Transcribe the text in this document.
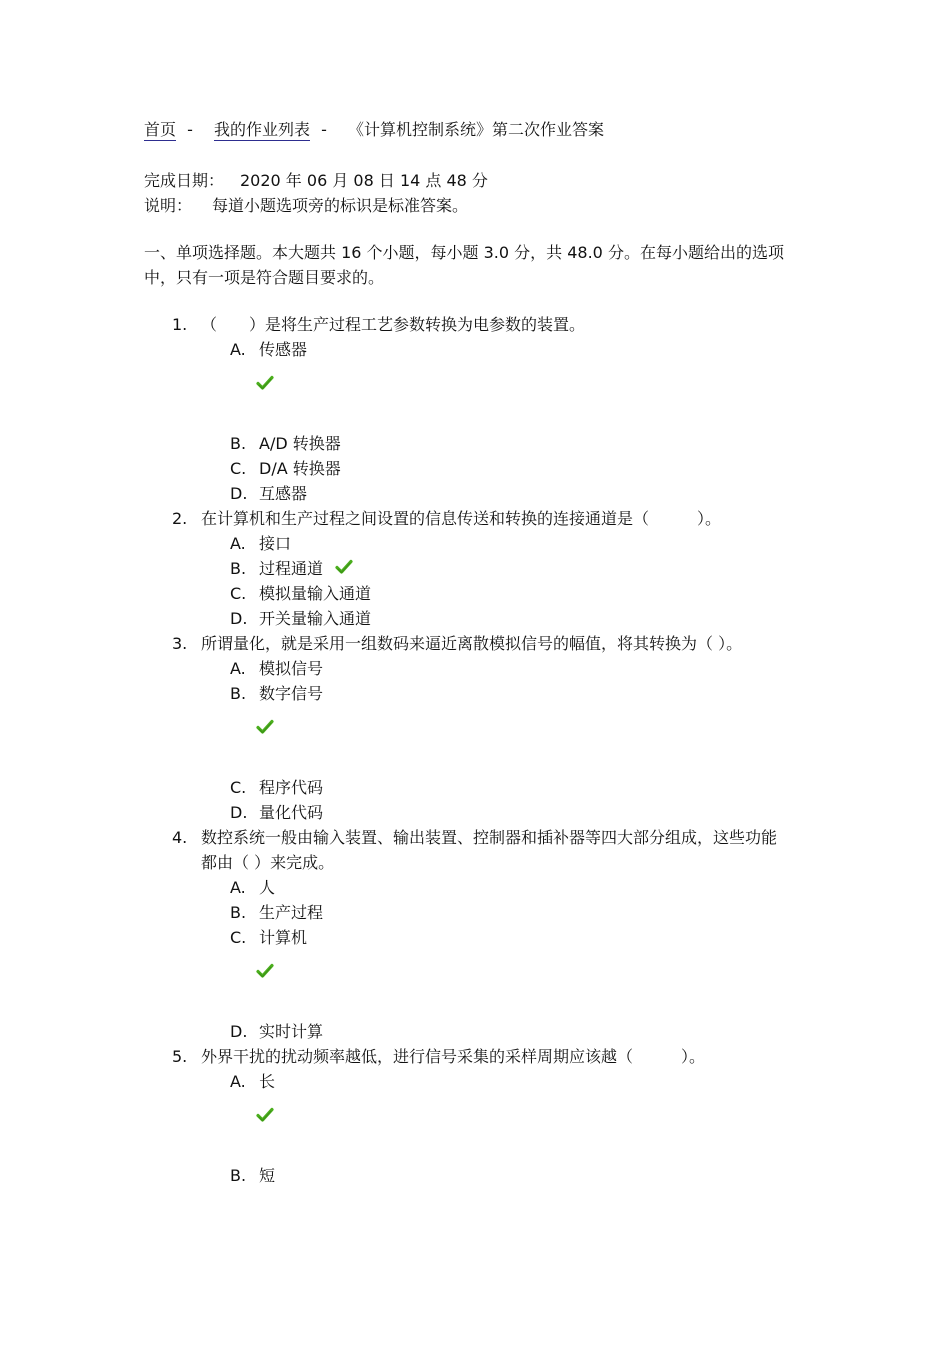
首页 - 我的作业列表 - 《计算机控制系统》第二次作业答案
完成日期： 2020 年 06 月 08 日 14 点 48 分
说明：	每道小题选项旁的标识是标准答案。
一、单项选择题。本大题共 16 个小题，每小题 3.0 分，共 48.0 分。在每小题给出的选项中，只有一项是符合题目要求的。
1. （　　）是将生产过程工艺参数转换为电参数的装置。
A. 传感器
B. A/D 转换器
C. D/A 转换器
D. 互感器
2. 在计算机和生产过程之间设置的信息传送和转换的连接通道是（　　　）。
A. 接口
B. 过程通道
C. 模拟量输入通道
D. 开关量输入通道
3. 所谓量化，就是采用一组数码来逼近离散模拟信号的幅值，将其转换为（ ）。
A. 模拟信号
B. 数字信号
C. 程序代码
D. 量化代码
4. 数控系统一般由输入装置、输出装置、控制器和插补器等四大部分组成，这些功能都由（ ）来完成。
A. 人
B. 生产过程
C. 计算机
D. 实时计算
5. 外界干扰的扰动频率越低，进行信号采集的采样周期应该越（　　　）。
A. 长
B. 短
